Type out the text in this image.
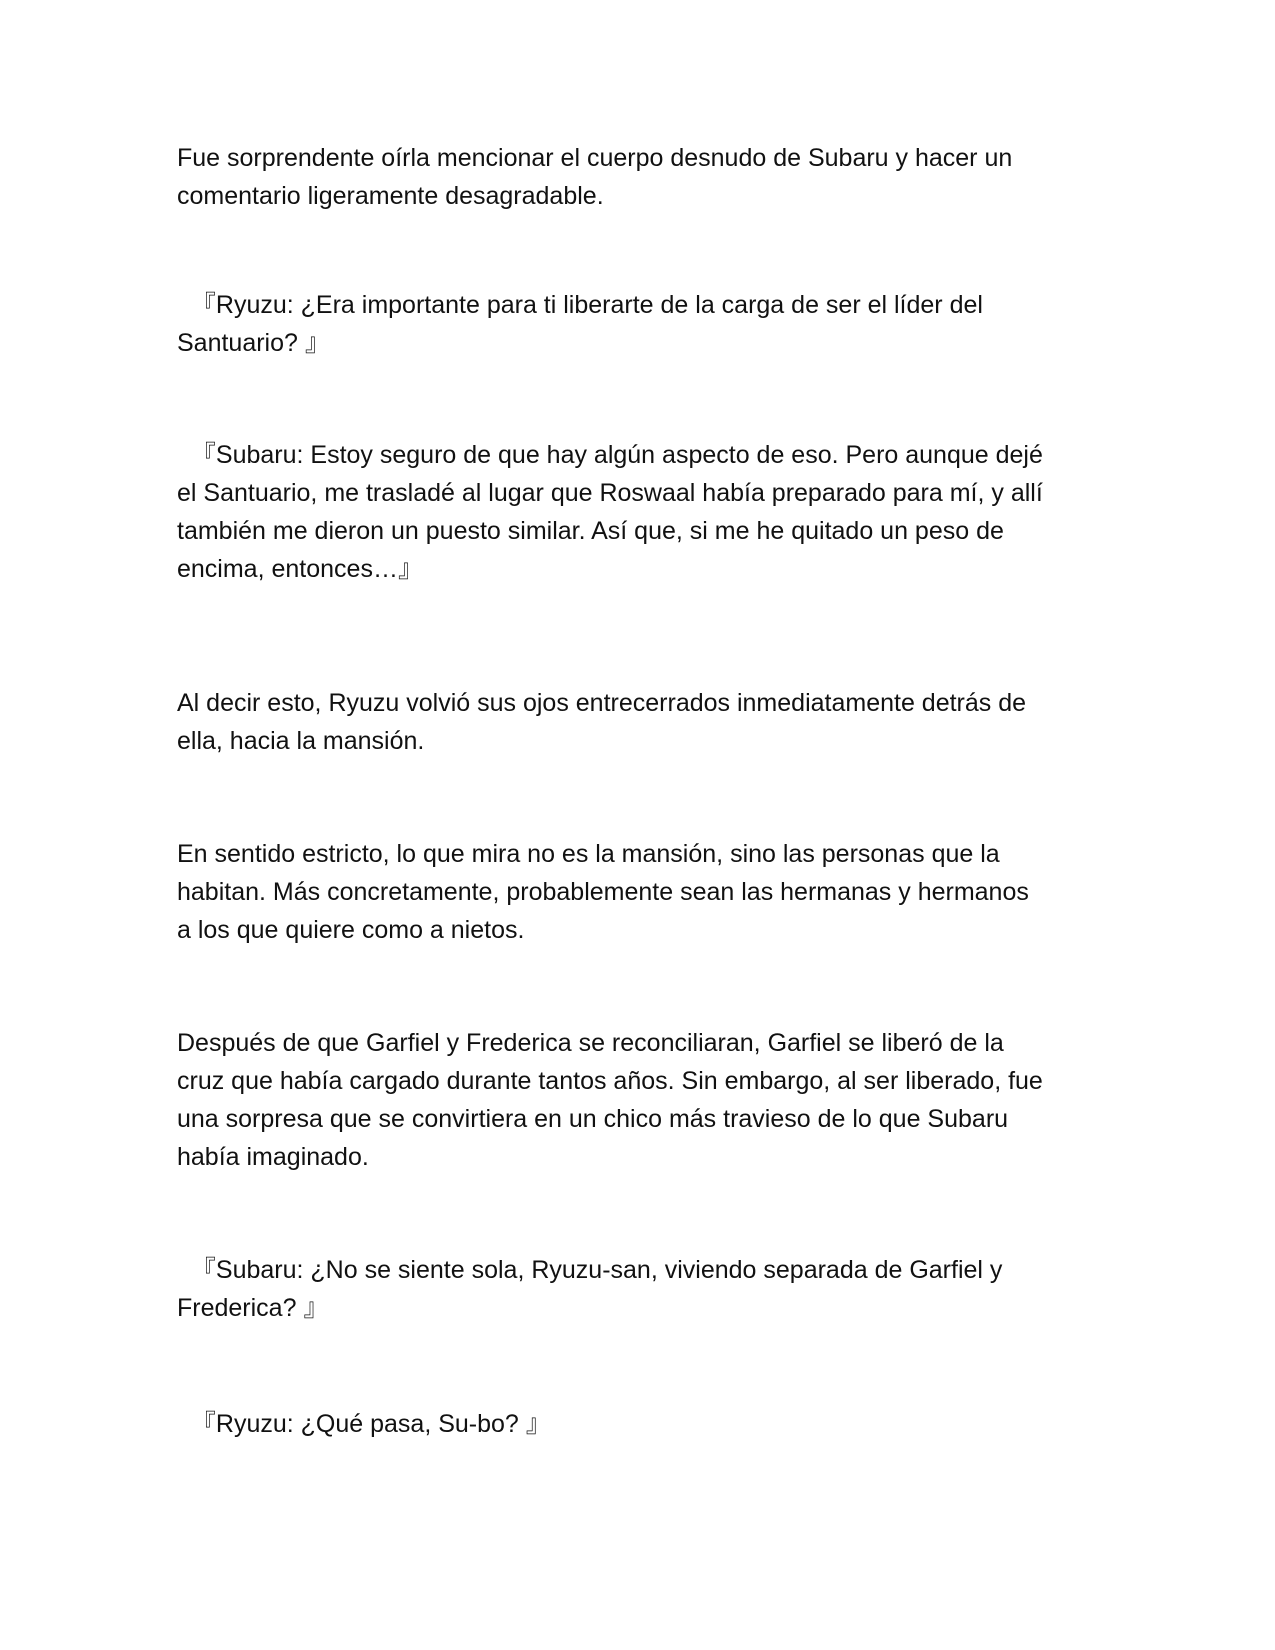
Fue sorprendente oírla mencionar el cuerpo desnudo de Subaru y hacer un
comentario ligeramente desagradable.

『Ryuzu: ¿Era importante para ti liberarte de la carga de ser el líder del
Santuario? 』

『Subaru: Estoy seguro de que hay algún aspecto de eso. Pero aunque dejé
el Santuario, me trasladé al lugar que Roswaal había preparado para mí, y allí
también me dieron un puesto similar. Así que, si me he quitado un peso de
encima, entonces…』

Al decir esto, Ryuzu volvió sus ojos entrecerrados inmediatamente detrás de
ella, hacia la mansión.

En sentido estricto, lo que mira no es la mansión, sino las personas que la
habitan. Más concretamente, probablemente sean las hermanas y hermanos
a los que quiere como a nietos.

Después de que Garfiel y Frederica se reconciliaran, Garfiel se liberó de la
cruz que había cargado durante tantos años. Sin embargo, al ser liberado, fue
una sorpresa que se convirtiera en un chico más travieso de lo que Subaru
había imaginado.

『Subaru: ¿No se siente sola, Ryuzu-san, viviendo separada de Garfiel y
Frederica? 』

『Ryuzu: ¿Qué pasa, Su-bo? 』
